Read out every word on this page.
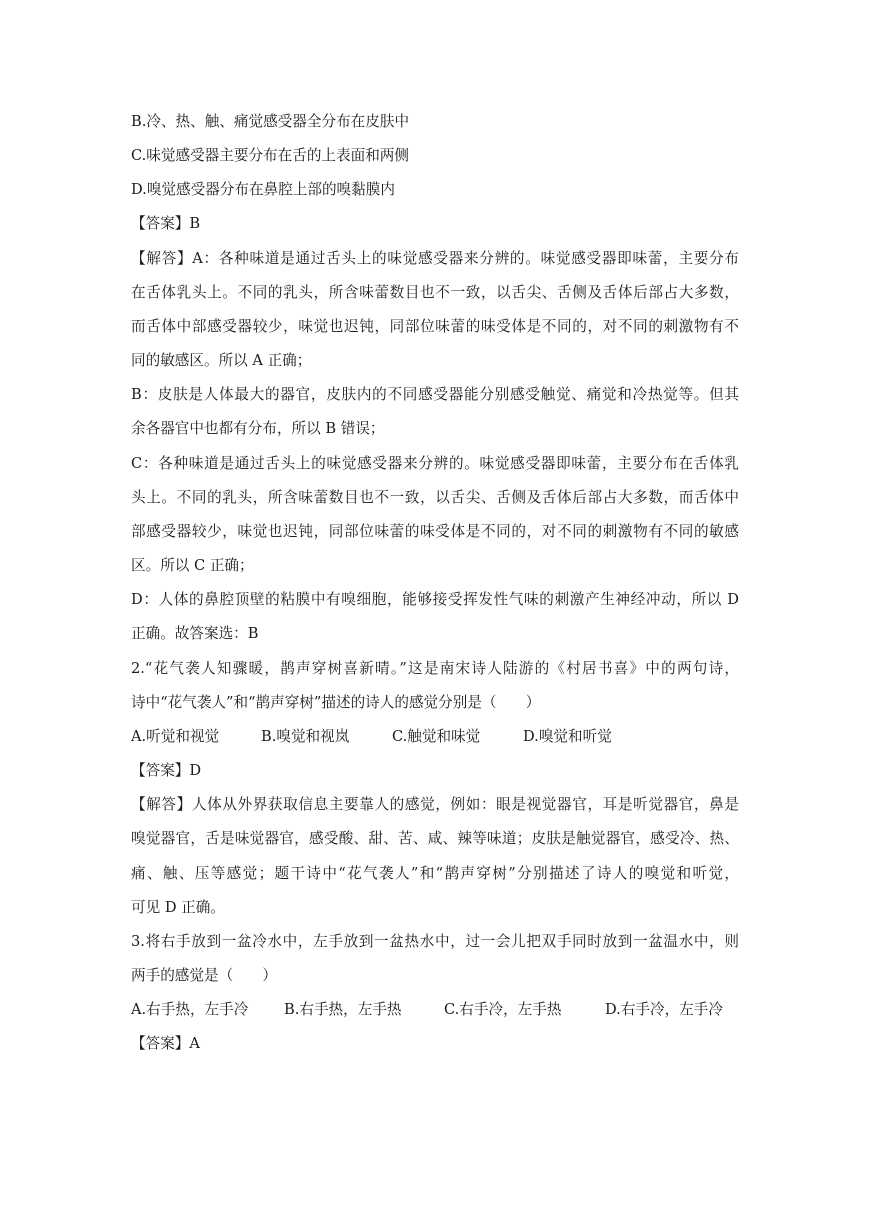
B.冷、热、触、痛觉感受器全分布在皮肤中
C.味觉感受器主要分布在舌的上表面和两侧
D.嗅觉感受器分布在鼻腔上部的嗅黏膜内
【答案】B
【解答】A：各种味道是通过舌头上的味觉感受器来分辨的。味觉感受器即味蕾，主要分布
在舌体乳头上。不同的乳头，所含味蕾数目也不一致，以舌尖、舌侧及舌体后部占大多数，
而舌体中部感受器较少，味觉也迟钝，同部位味蕾的味受体是不同的，对不同的刺激物有不
同的敏感区。所以 A 正确；
B：皮肤是人体最大的器官，皮肤内的不同感受器能分别感受触觉、痛觉和冷热觉等。但其
余各器官中也都有分布，所以 B 错误；
C：各种味道是通过舌头上的味觉感受器来分辨的。味觉感受器即味蕾，主要分布在舌体乳
头上。不同的乳头，所含味蕾数目也不一致，以舌尖、舌侧及舌体后部占大多数，而舌体中
部感受器较少，味觉也迟钝，同部位味蕾的味受体是不同的，对不同的刺激物有不同的敏感
区。所以 C 正确；
D：人体的鼻腔顶壁的粘膜中有嗅细胞，能够接受挥发性气味的刺激产生神经冲动，所以 D
正确。故答案选：B
2.“花气袭人知骤暖，鹊声穿树喜新晴。”这是南宋诗人陆游的《村居书喜》中的两句诗，
诗中“花气袭人”和“鹊声穿树”描述的诗人的感觉分别是（　　）
A.听觉和视觉	B.嗅觉和视岚	C.触觉和味觉	D.嗅觉和听觉
【答案】D
【解答】人体从外界获取信息主要靠人的感觉，例如：眼是视觉器官，耳是听觉器官，鼻是
嗅觉器官，舌是味觉器官，感受酸、甜、苦、咸、辣等味道；皮肤是触觉器官，感受冷、热、
痛、触、压等感觉；题干诗中“花气袭人”和“鹊声穿树”分别描述了诗人的嗅觉和听觉，
可见 D 正确。
3.将右手放到一盆冷水中，左手放到一盆热水中，过一会儿把双手同时放到一盆温水中，则
两手的感觉是（　　）
A.右手热，左手冷	B.右手热，左手热	C.右手冷，左手热	D.右手冷，左手冷
【答案】A
